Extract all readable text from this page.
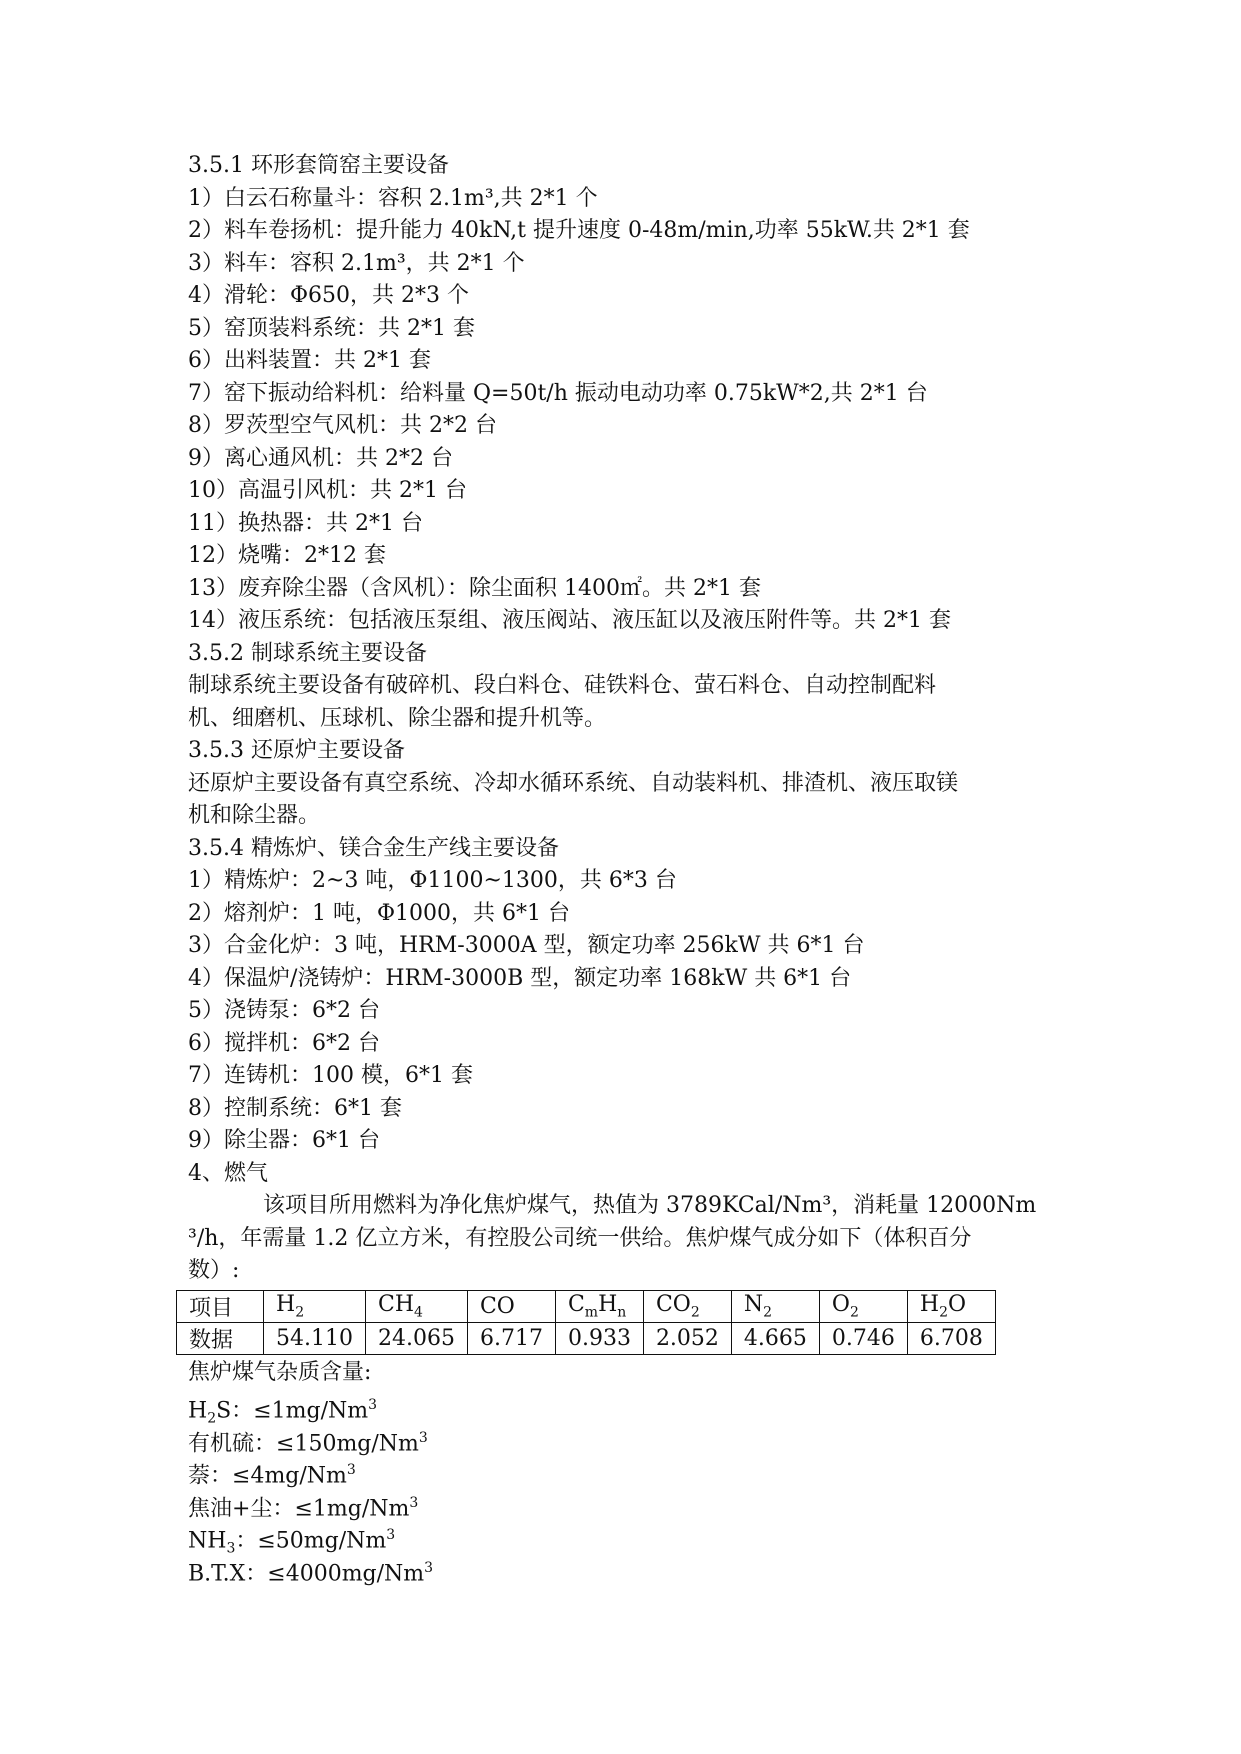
3.5.1 环形套筒窑主要设备
1）白云石称量斗：容积 2.1m³,共 2*1 个
2）料车卷扬机：提升能力 40kN,t 提升速度 0-48m/min,功率 55kW.共 2*1 套
3）料车：容积 2.1m³，共 2*1 个
4）滑轮：Φ650，共 2*3 个
5）窑顶装料系统：共 2*1 套
6）出料装置：共 2*1 套
7）窑下振动给料机：给料量 Q=50t/h 振动电动功率 0.75kW*2,共 2*1 台
8）罗茨型空气风机：共 2*2 台
9）离心通风机：共 2*2 台
10）高温引风机：共 2*1 台
11）换热器：共 2*1 台
12）烧嘴：2*12 套
13）废弃除尘器（含风机）：除尘面积 1400㎡。共 2*1 套
14）液压系统：包括液压泵组、液压阀站、液压缸以及液压附件等。共 2*1 套
3.5.2 制球系统主要设备
制球系统主要设备有破碎机、段白料仓、硅铁料仓、萤石料仓、自动控制配料机、细磨机、压球机、除尘器和提升机等。
3.5.3 还原炉主要设备
还原炉主要设备有真空系统、冷却水循环系统、自动装料机、排渣机、液压取镁机和除尘器。
3.5.4 精炼炉、镁合金生产线主要设备
1）精炼炉：2~3 吨，Φ1100~1300，共 6*3 台
2）熔剂炉：1 吨，Φ1000，共 6*1 台
3）合金化炉：3 吨，HRM-3000A 型，额定功率 256kW 共 6*1 台
4）保温炉/浇铸炉：HRM-3000B 型，额定功率 168kW 共 6*1 台
5）浇铸泵：6*2 台
6）搅拌机：6*2 台
7）连铸机：100 模，6*1 套
8）控制系统：6*1 套
9）除尘器：6*1 台
4、燃气
该项目所用燃料为净化焦炉煤气，热值为 3789KCal/Nm³，消耗量 12000Nm
³/h，年需量 1.2 亿立方米，有控股公司统一供给。焦炉煤气成分如下（体积百分
数）:
项目	$H_2$	$CH_4$	CO	$C_mH_n$	$CO_2$	$N_2$	$O_2$	$H_2O$
数据	54.110	24.065	6.717	0.933	2.052	4.665	0.746	6.708
焦炉煤气杂质含量:
$H_2S$：$\le 1mg/Nm^3$
有机硫：$\le 150mg/Nm^3$
萘：$\le 4mg/Nm^3$
焦油+尘：$\le 1mg/Nm^3$
$NH_3$：$\le 50mg/Nm^3$
B.T.X：$\le 4000mg/Nm^3$
